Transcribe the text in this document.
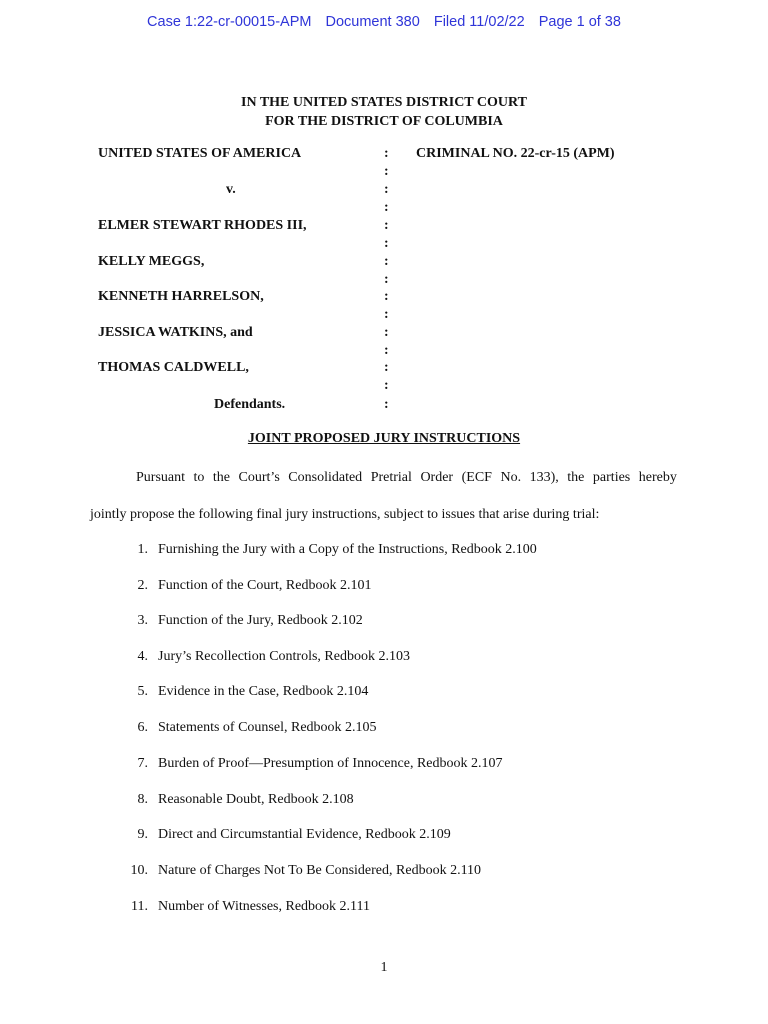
Case 1:22-cr-00015-APM Document 380 Filed 11/02/22 Page 1 of 38
IN THE UNITED STATES DISTRICT COURT
FOR THE DISTRICT OF COLUMBIA
UNITED STATES OF AMERICA
v.
ELMER STEWART RHODES III,
KELLY MEGGS,
KENNETH HARRELSON,
JESSICA WATKINS, and
THOMAS CALDWELL,
Defendants.
:
:
:
:
:
:
:
:
:
:
:
:
:
:
:
CRIMINAL NO. 22-cr-15 (APM)
JOINT PROPOSED JURY INSTRUCTIONS
Pursuant to the Court’s Consolidated Pretrial Order (ECF No. 133), the parties hereby
jointly propose the following final jury instructions, subject to issues that arise during trial:
1. Furnishing the Jury with a Copy of the Instructions, Redbook 2.100
2. Function of the Court, Redbook 2.101
3. Function of the Jury, Redbook 2.102
4. Jury’s Recollection Controls, Redbook 2.103
5. Evidence in the Case, Redbook 2.104
6. Statements of Counsel, Redbook 2.105
7. Burden of Proof—Presumption of Innocence, Redbook 2.107
8. Reasonable Doubt, Redbook 2.108
9. Direct and Circumstantial Evidence, Redbook 2.109
10. Nature of Charges Not To Be Considered, Redbook 2.110
11. Number of Witnesses, Redbook 2.111
1
